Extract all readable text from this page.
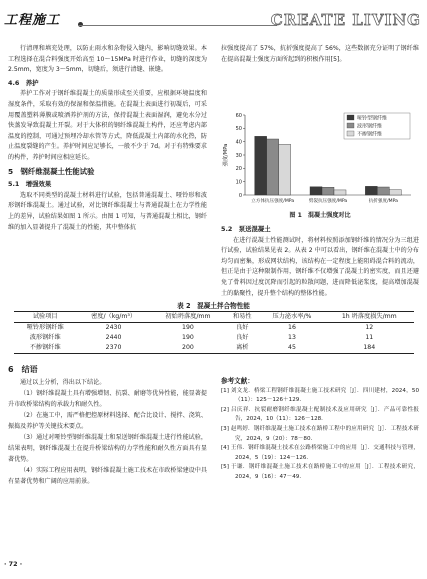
工程施工	CREATE LIVING

行清理和填充处理，以防止雨水和杂物侵入缝内，影响切缝效果。本工程选择在混合料强度开始高至 10～15MPa 时进行作业，切缝的深度为 2.5mm，宽度为 3～5mm，切缝后，须进行清缝、嵌缝。

4.6　养护

养护工作对于钢纤维混凝土的质量形成至关重要，应根据环境温度和湿度条件，采取有效的保湿和保温措施。在混凝土表面进行初凝后，可采用覆盖塑料薄膜或喷洒养护剂的方法，保持混凝土表面湿润，避免水分过快蒸发导致混凝土开裂。对于大体积的钢纤维混凝土构件，还应考虑内部温度的控制，可通过预埋冷却水管等方式，降低混凝土内部的水化热，防止温度裂缝的产生。养护时间应足够长，一般不少于 7d。对于有特殊要求的构件，养护时间应相应延长。

5　钢纤维混凝土性能试验
5.1　增强效果

选取不同类型的混凝土材料进行试验，包括普通混凝土、哑铃形和波形钢纤维混凝土。通过试验，对比钢纤维混凝土与普通混凝土在力学性能上的差异，试验结果如图 1 所示。由图 1 可知，与普通混凝土相比，钢纤维的加入显著提升了混凝土的性能，其中整体抗

拉强度提高了 57%，抗折强度提高了 56%，这些数据充分证明了钢纤维在提高混凝土强度方面所起到的积极作用[5]。

0
10
20
30
40
50
60
强度/MPa
立方体抗压强度/MPa	劈裂抗压强度/MPa	抗折强度/MPa
哑铃型钢纤维
波形钢纤维
不掺钢纤维
图 1　混凝土强度对比
5.2　泵送混凝土

在进行混凝土性能测试时，将材料按照添加钢纤维的情况分为三组进行试验，试验结果见表 2。从表 2 中可以看出，钢纤维在混凝土中的分布均匀而密集，形成网状结构，该结构在一定程度上能阻碍混合料的流动，但正是由于这种限制作用，钢纤维不仅增强了混凝土的密实度，而且还避免了骨料因过度沉降而引起的粒散问题，进而降低泌浆度，提高增加混凝土的黏聚性，提升整个结构的整体性能。

表 2　混凝土拌合物性能
试验项目	密度/（kg/m³）	初始坍落度/mm	和易性	压力泌水率/%	1h 坍落度损失/mm
哑铃形钢纤维	2430	190	良好	16	12
波形钢纤维	2440	190	良好	13	11
不掺钢纤维	2370	200	离析	45	184
6　结语

通过以上分析，得出以下结论。

（1）钢纤维混凝土具有增强增韧、抗裂、耐磨等优异性能，能显著提升市政桥梁结构的承载力和耐久性。

（2）在施工中，需严格把控原材料选择、配合比设计、搅拌、浇筑、振捣及养护等关键技术要点。

（3）通过对哑铃型钢纤维混凝土和泵送钢纤维混凝土进行性能试验，结果表明，钢纤维混凝土在提升桥梁结构的力学性能和耐久性方面具有显著优势。

（4）实际工程应用表明，钢纤维混凝土施工技术在市政桥梁建设中具有显著优势和广阔的应用前景。

参考文献：

[1] 刘文龙．桥梁工程钢纤维混凝土施工技术研究［J］．四川建材，2024，50（11）：125－126＋129．

[2] 吕庆祥．抗裂耐磨钢纤维混凝土配制技术及应用研究［J］．产品可靠性报告，2024，10（11）：126－128．

[3] 赵鸣婷．钢纤维混凝土施工技术在路桥工程中的应用研究［J］．工程技术研究，2024，9（20）：78－80．

[4] 王伟．钢纤维混凝土技术在公路桥梁施工中的应用［J］．交通科技与管理，2024，5（19）：124－126．

[5] 于谦．钢纤维混凝土施工技术在路桥施工中的应用［J］．工程技术研究，2024，9（16）：47－49．

· 72 ·
